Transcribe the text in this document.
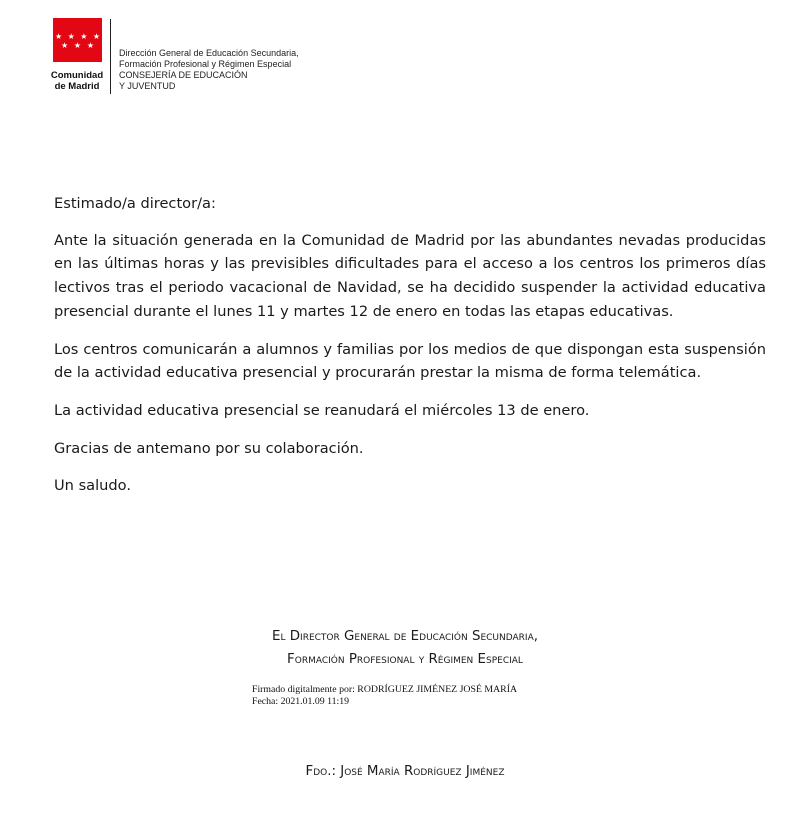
★ ★ ★ ★
★ ★ ★
Comunidad
de Madrid
Dirección General de Educación Secundaria,
Formación Profesional y Régimen Especial
CONSEJERÍA DE EDUCACIÓN
Y JUVENTUD

Estimado/a director/a:

Ante la situación generada en la Comunidad de Madrid por las abundantes nevadas producidas en las últimas horas y las previsibles dificultades para el acceso a los centros los primeros días lectivos tras el periodo vacacional de Navidad, se ha decidido suspender la actividad educativa presencial durante el lunes 11 y martes 12 de enero en todas las etapas educativas.

Los centros comunicarán a alumnos y familias por los medios de que dispongan esta suspensión de la actividad educativa presencial y procurarán prestar la misma de forma telemática.

La actividad educativa presencial se reanudará el miércoles 13 de enero.

Gracias de antemano por su colaboración.

Un saludo.

El Director General de Educación Secundaria,
Formación Profesional y Régimen Especial
Firmado digitalmente por: RODRÍGUEZ JIMÉNEZ JOSÉ MARÍA
Fecha: 2021.01.09 11:19
Fdo.: José María Rodríguez Jiménez
